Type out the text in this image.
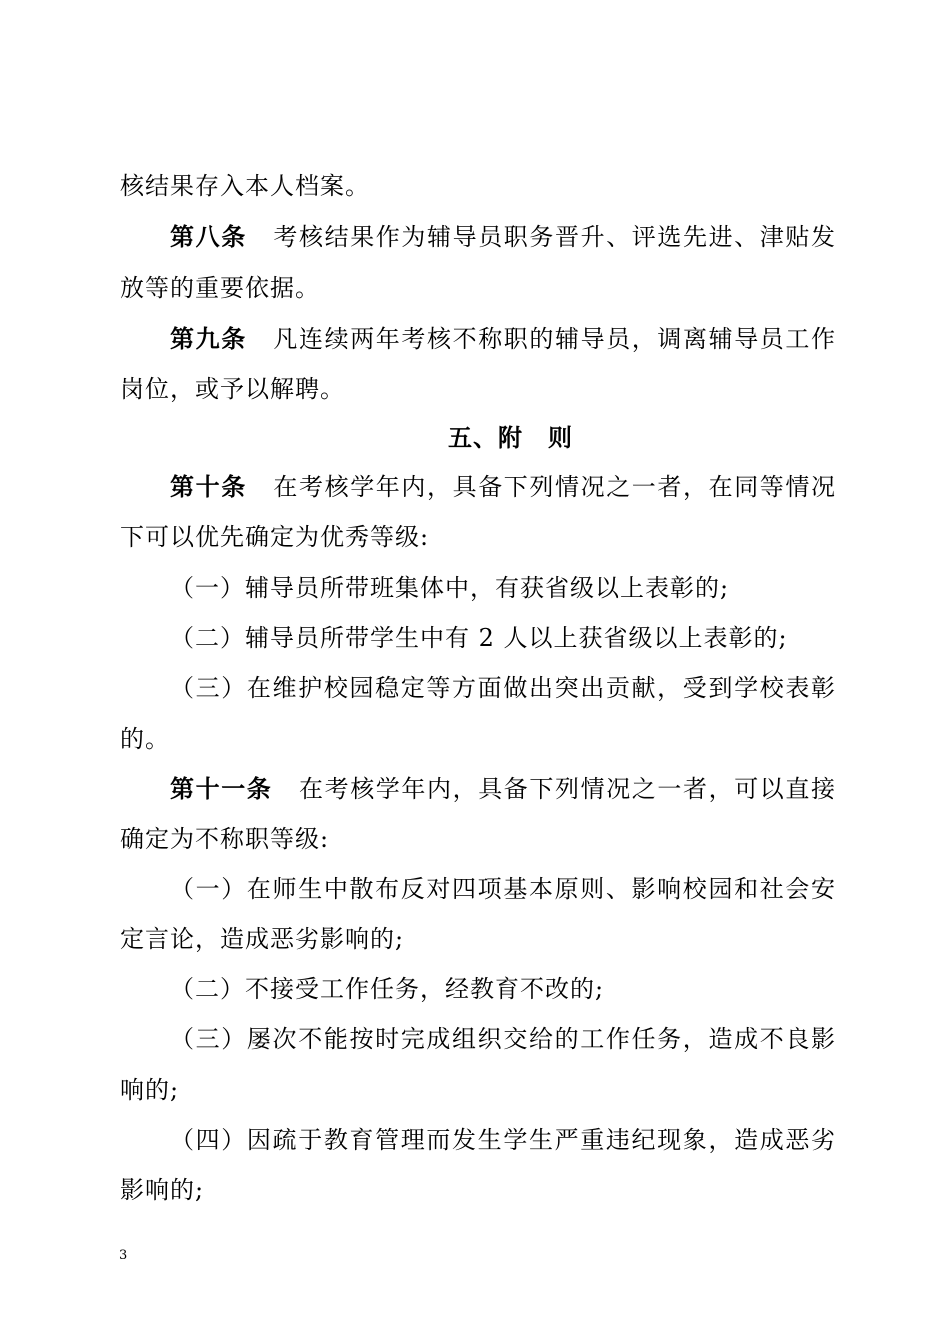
核结果存入本人档案。
第八条 考核结果作为辅导员职务晋升、评选先进、津贴发
放等的重要依据。
第九条 凡连续两年考核不称职的辅导员，调离辅导员工作
岗位，或予以解聘。
五、附　则
第十条 在考核学年内，具备下列情况之一者，在同等情况
下可以优先确定为优秀等级:
（一）辅导员所带班集体中，有获省级以上表彰的;
（二）辅导员所带学生中有 2 人以上获省级以上表彰的;
（三）在维护校园稳定等方面做出突出贡献，受到学校表彰
的。
第十一条 在考核学年内，具备下列情况之一者，可以直接
确定为不称职等级:
（一）在师生中散布反对四项基本原则、影响校园和社会安
定言论，造成恶劣影响的;
（二）不接受工作任务，经教育不改的;
（三）屡次不能按时完成组织交给的工作任务，造成不良影
响的;
（四）因疏于教育管理而发生学生严重违纪现象，造成恶劣
影响的;
3
